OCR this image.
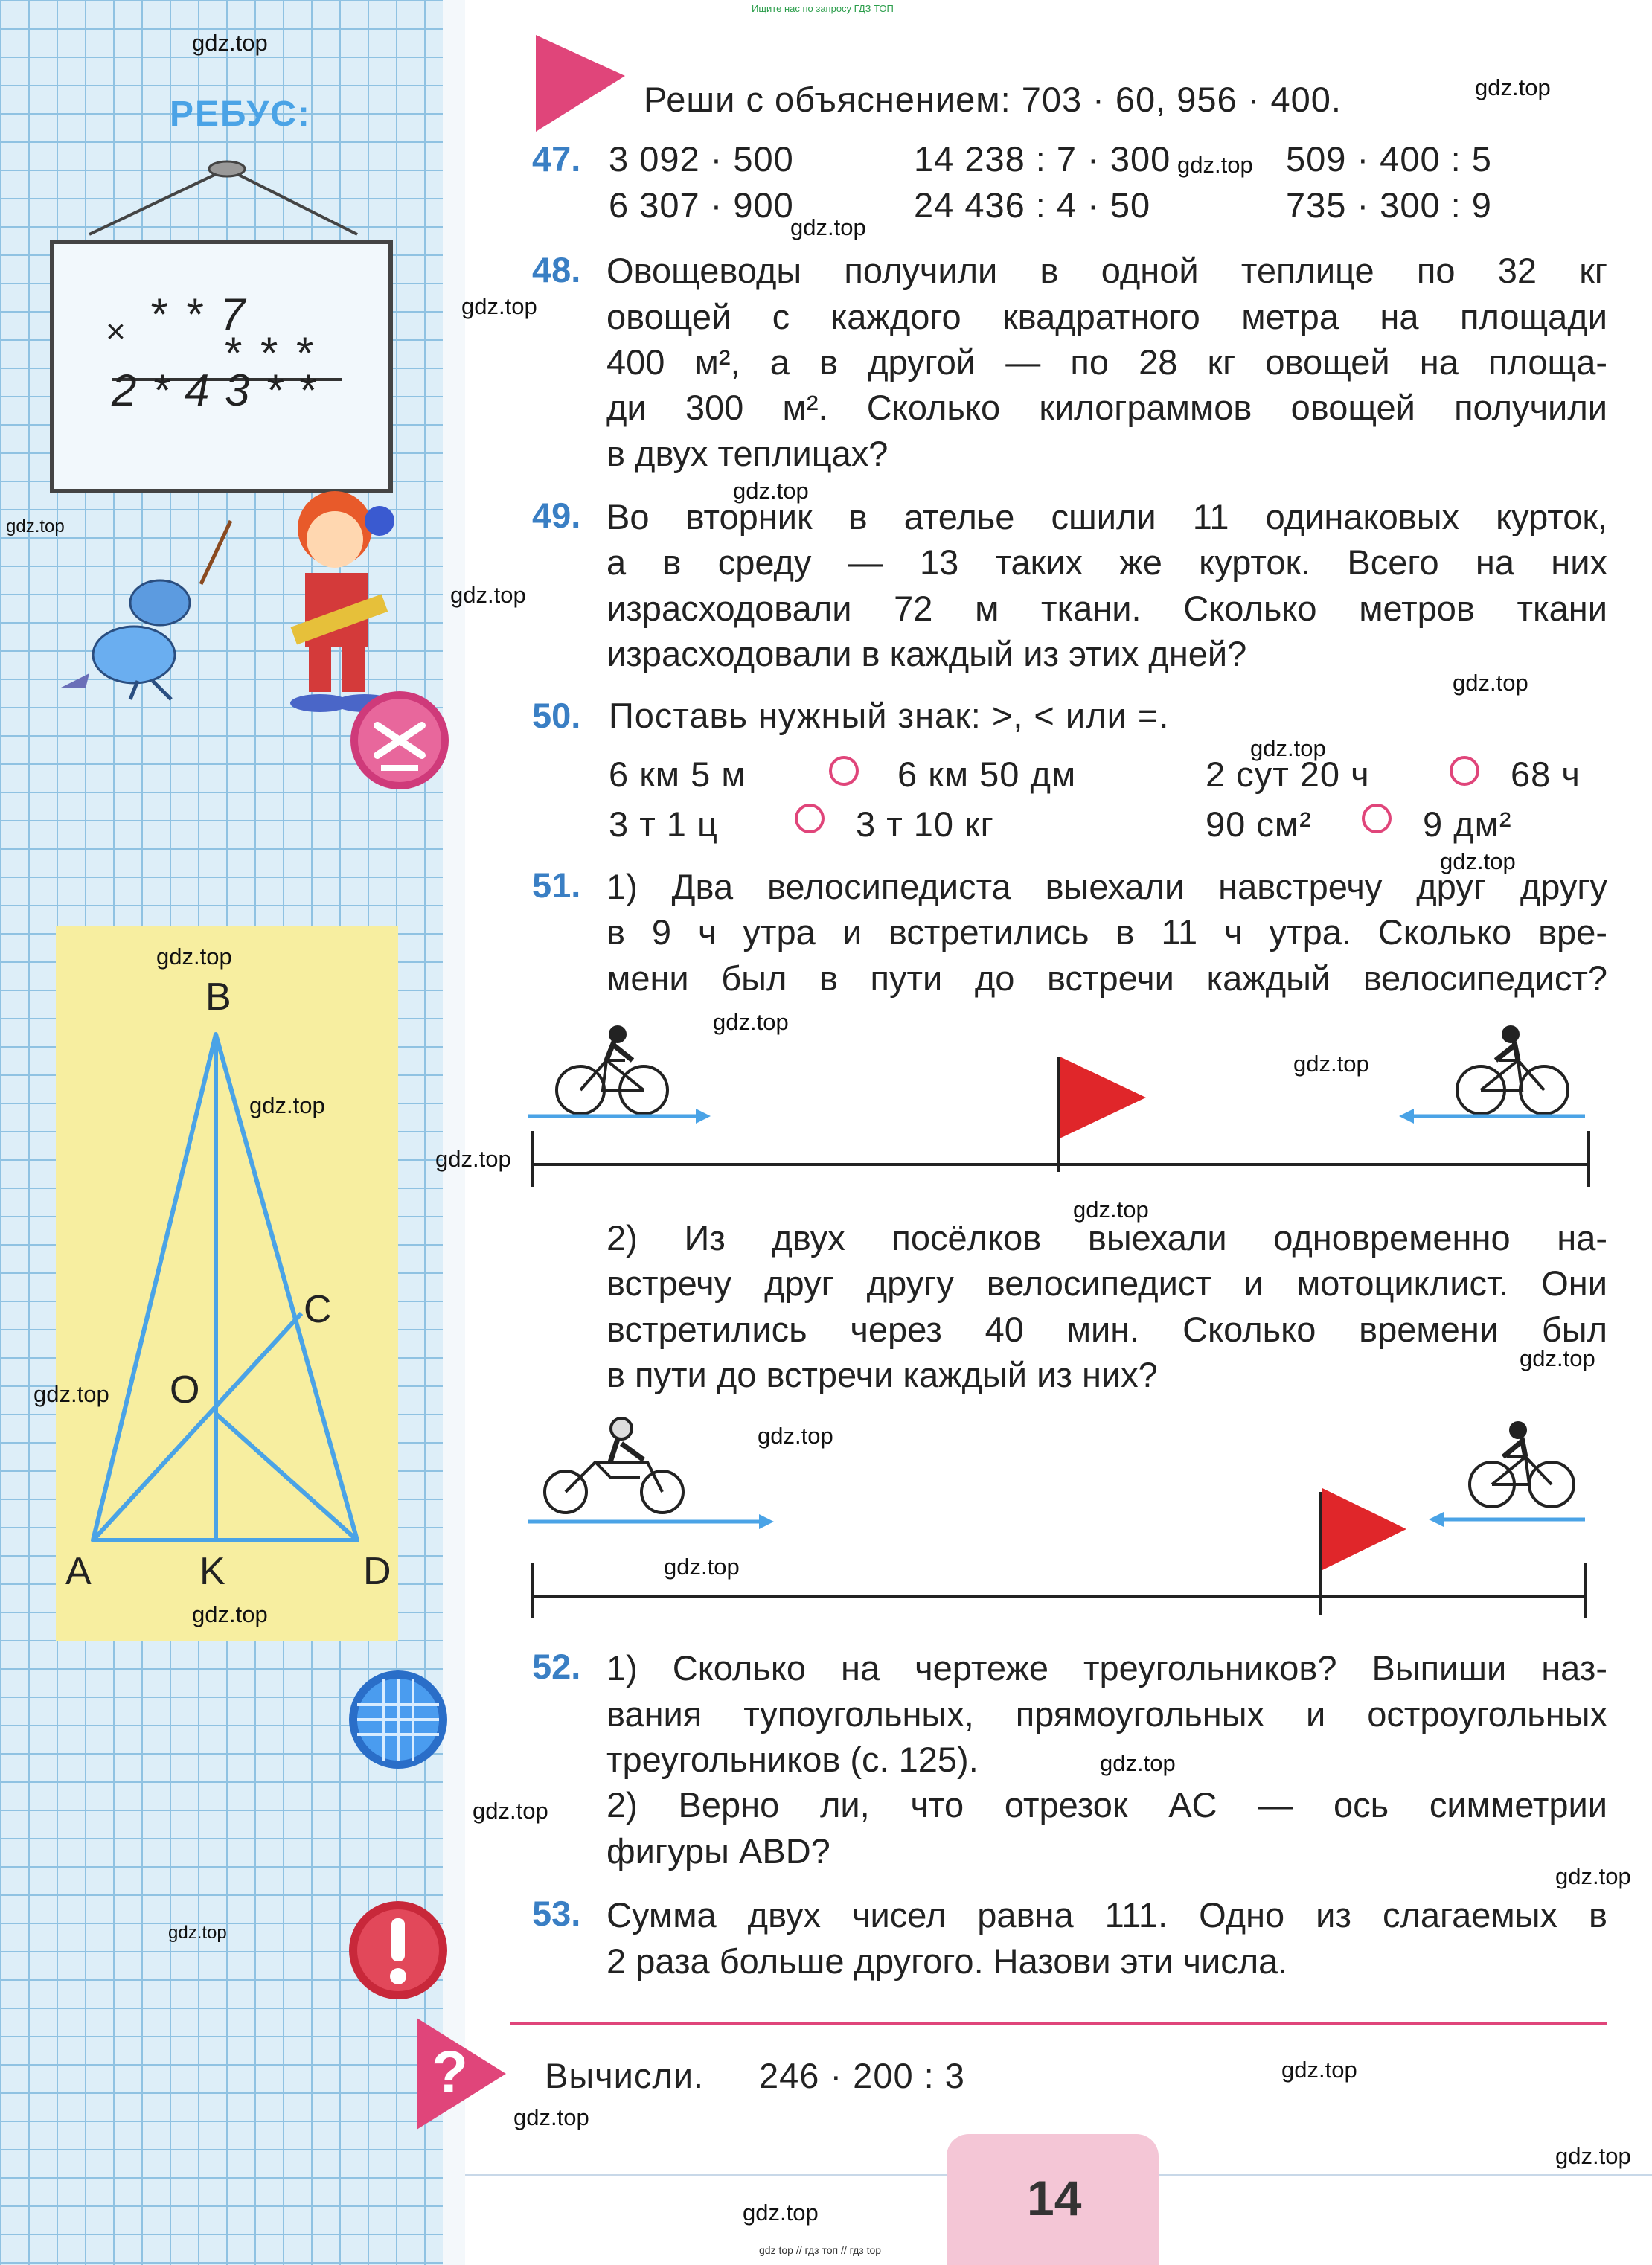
Ищите нас по запросу ГДЗ ТОП
РЕБУС:
× * * 7
* * *
2 * 4 3 * *
B
C
O
A	K	D
Реши с объяснением: 703 · 60, 956 · 400.
47. 3 092 · 500	14 238 : 7 · 300	509 · 400 : 5
6 307 · 900	24 436 : 4 · 50	735 · 300 : 9
48. Овощеводы получили в одной теплице по 32 кг
овощей с каждого квадратного метра на площади
400 м², а в другой — по 28 кг овощей на площа-
ди 300 м². Сколько килограммов овощей получили
в двух теплицах?
49. Во вторник в ателье сшили 11 одинаковых курток,
а в среду — 13 таких же курток. Всего на них
израсходовали 72 м ткани. Сколько метров ткани
израсходовали в каждый из этих дней?
50. Поставь нужный знак: >, < или =.
6 км 5 м	6 км 50 дм	2 сут 20 ч	68 ч
3 т 1 ц	3 т 10 кг	90 см²	9 дм²
51. 1) Два велосипедиста выехали навстречу друг другу
в 9 ч утра и встретились в 11 ч утра. Сколько вре-
мени был в пути до встречи каждый велосипедист?
2) Из двух посёлков выехали одновременно на-
встречу друг другу велосипедист и мотоциклист. Они
встретились через 40 мин. Сколько времени был
в пути до встречи каждый из них?
52. 1) Сколько на чертеже треугольников? Выпиши наз-
вания тупоугольных, прямоугольных и остроугольных
треугольников (с. 125).
2) Верно ли, что отрезок AC — ось симметрии
фигуры ABD?
53. Сумма двух чисел равна 111. Одно из слагаемых в
2 раза больше другого. Назови эти числа.
? Вычисли. 246 · 200 : 3
14
gdz top // гдз топ // гдз top
gdz.top
gdz.top
gdz.top
gdz.top
gdz.top
gdz.top
gdz.top
gdz.top
gdz.top
gdz.top
gdz.top
gdz.top
gdz.top
gdz.top
gdz.top
gdz.top
gdz.top
gdz.top
gdz.top
gdz.top
gdz.top
gdz.top
gdz.top
gdz.top
gdz.top
gdz.top
gdz.top
gdz.top
gdz.top
gdz.top
